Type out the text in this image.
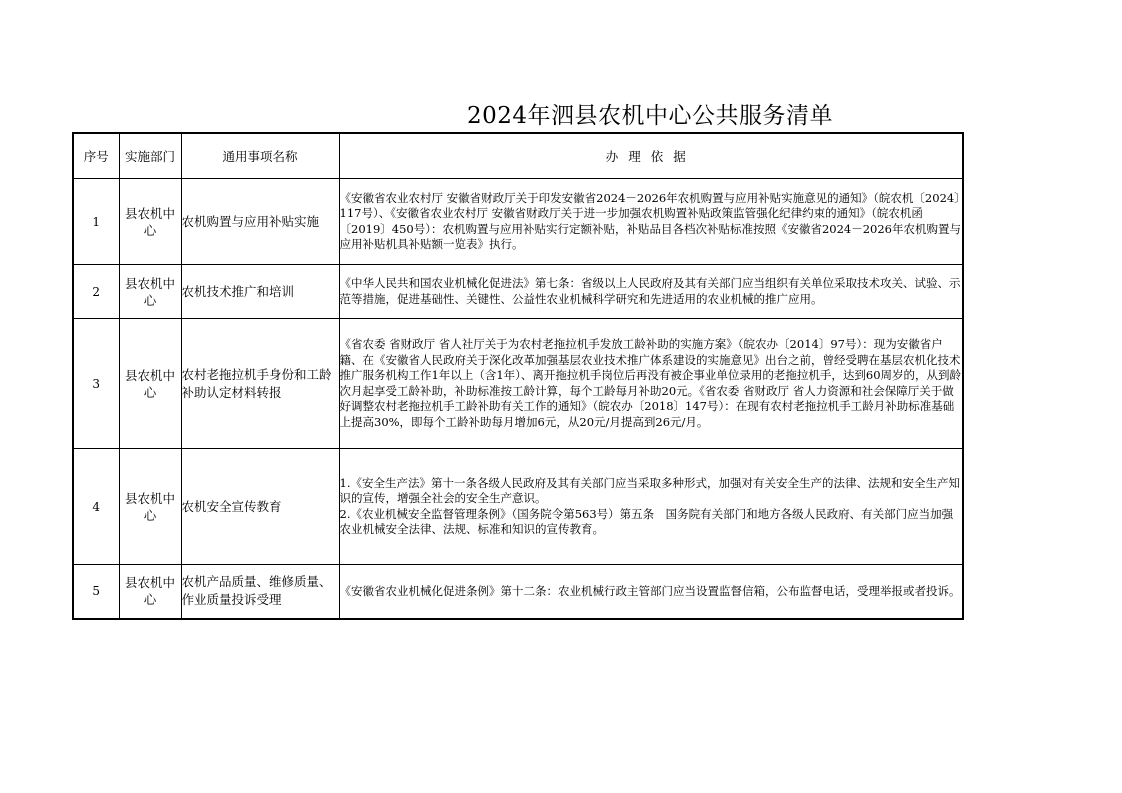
2024年泗县农机中心公共服务清单
序号	实施部门	通用事项名称	办理依据
1	县农机中心	农机购置与应用补贴实施	《安徽省农业农村厅 安徽省财政厅关于印发安徽省2024－2026年农机购置与应用补贴实施意见的通知》（皖农机〔2024〕117号）、《安徽省农业农村厅 安徽省财政厅关于进一步加强农机购置补贴政策监管强化纪律约束的通知》（皖农机函〔2019〕450号）：农机购置与应用补贴实行定额补贴，补贴品目各档次补贴标准按照《安徽省2024－2026年农机购置与应用补贴机具补贴额一览表》执行。
2	县农机中心	农机技术推广和培训	《中华人民共和国农业机械化促进法》第七条：省级以上人民政府及其有关部门应当组织有关单位采取技术攻关、试验、示范等措施，促进基础性、关键性、公益性农业机械科学研究和先进适用的农业机械的推广应用。
3	县农机中心	农村老拖拉机手身份和工龄补助认定材料转报	《省农委 省财政厅 省人社厅关于为农村老拖拉机手发放工龄补助的实施方案》（皖农办〔2014〕97号）：现为安徽省户籍、在《安徽省人民政府关于深化改革加强基层农业技术推广体系建设的实施意见》出台之前，曾经受聘在基层农机化技术推广服务机构工作1年以上（含1年）、离开拖拉机手岗位后再没有被企事业单位录用的老拖拉机手，达到60周岁的，从到龄次月起享受工龄补助，补助标准按工龄计算，每个工龄每月补助20元。《省农委 省财政厅 省人力资源和社会保障厅关于做好调整农村老拖拉机手工龄补助有关工作的通知》（皖农办〔2018〕147号）：在现有农村老拖拉机手工龄月补助标准基础上提高30%，即每个工龄补助每月增加6元，从20元/月提高到26元/月。
4	县农机中心	农机安全宣传教育	1.《安全生产法》第十一条各级人民政府及其有关部门应当采取多种形式，加强对有关安全生产的法律、法规和安全生产知识的宣传，增强全社会的安全生产意识。
2.《农业机械安全监督管理条例》（国务院令第563号）第五条　国务院有关部门和地方各级人民政府、有关部门应当加强农业机械安全法律、法规、标准和知识的宣传教育。
5	县农机中心	农机产品质量、维修质量、作业质量投诉受理	《安徽省农业机械化促进条例》第十二条：农业机械行政主管部门应当设置监督信箱，公布监督电话，受理举报或者投诉。
